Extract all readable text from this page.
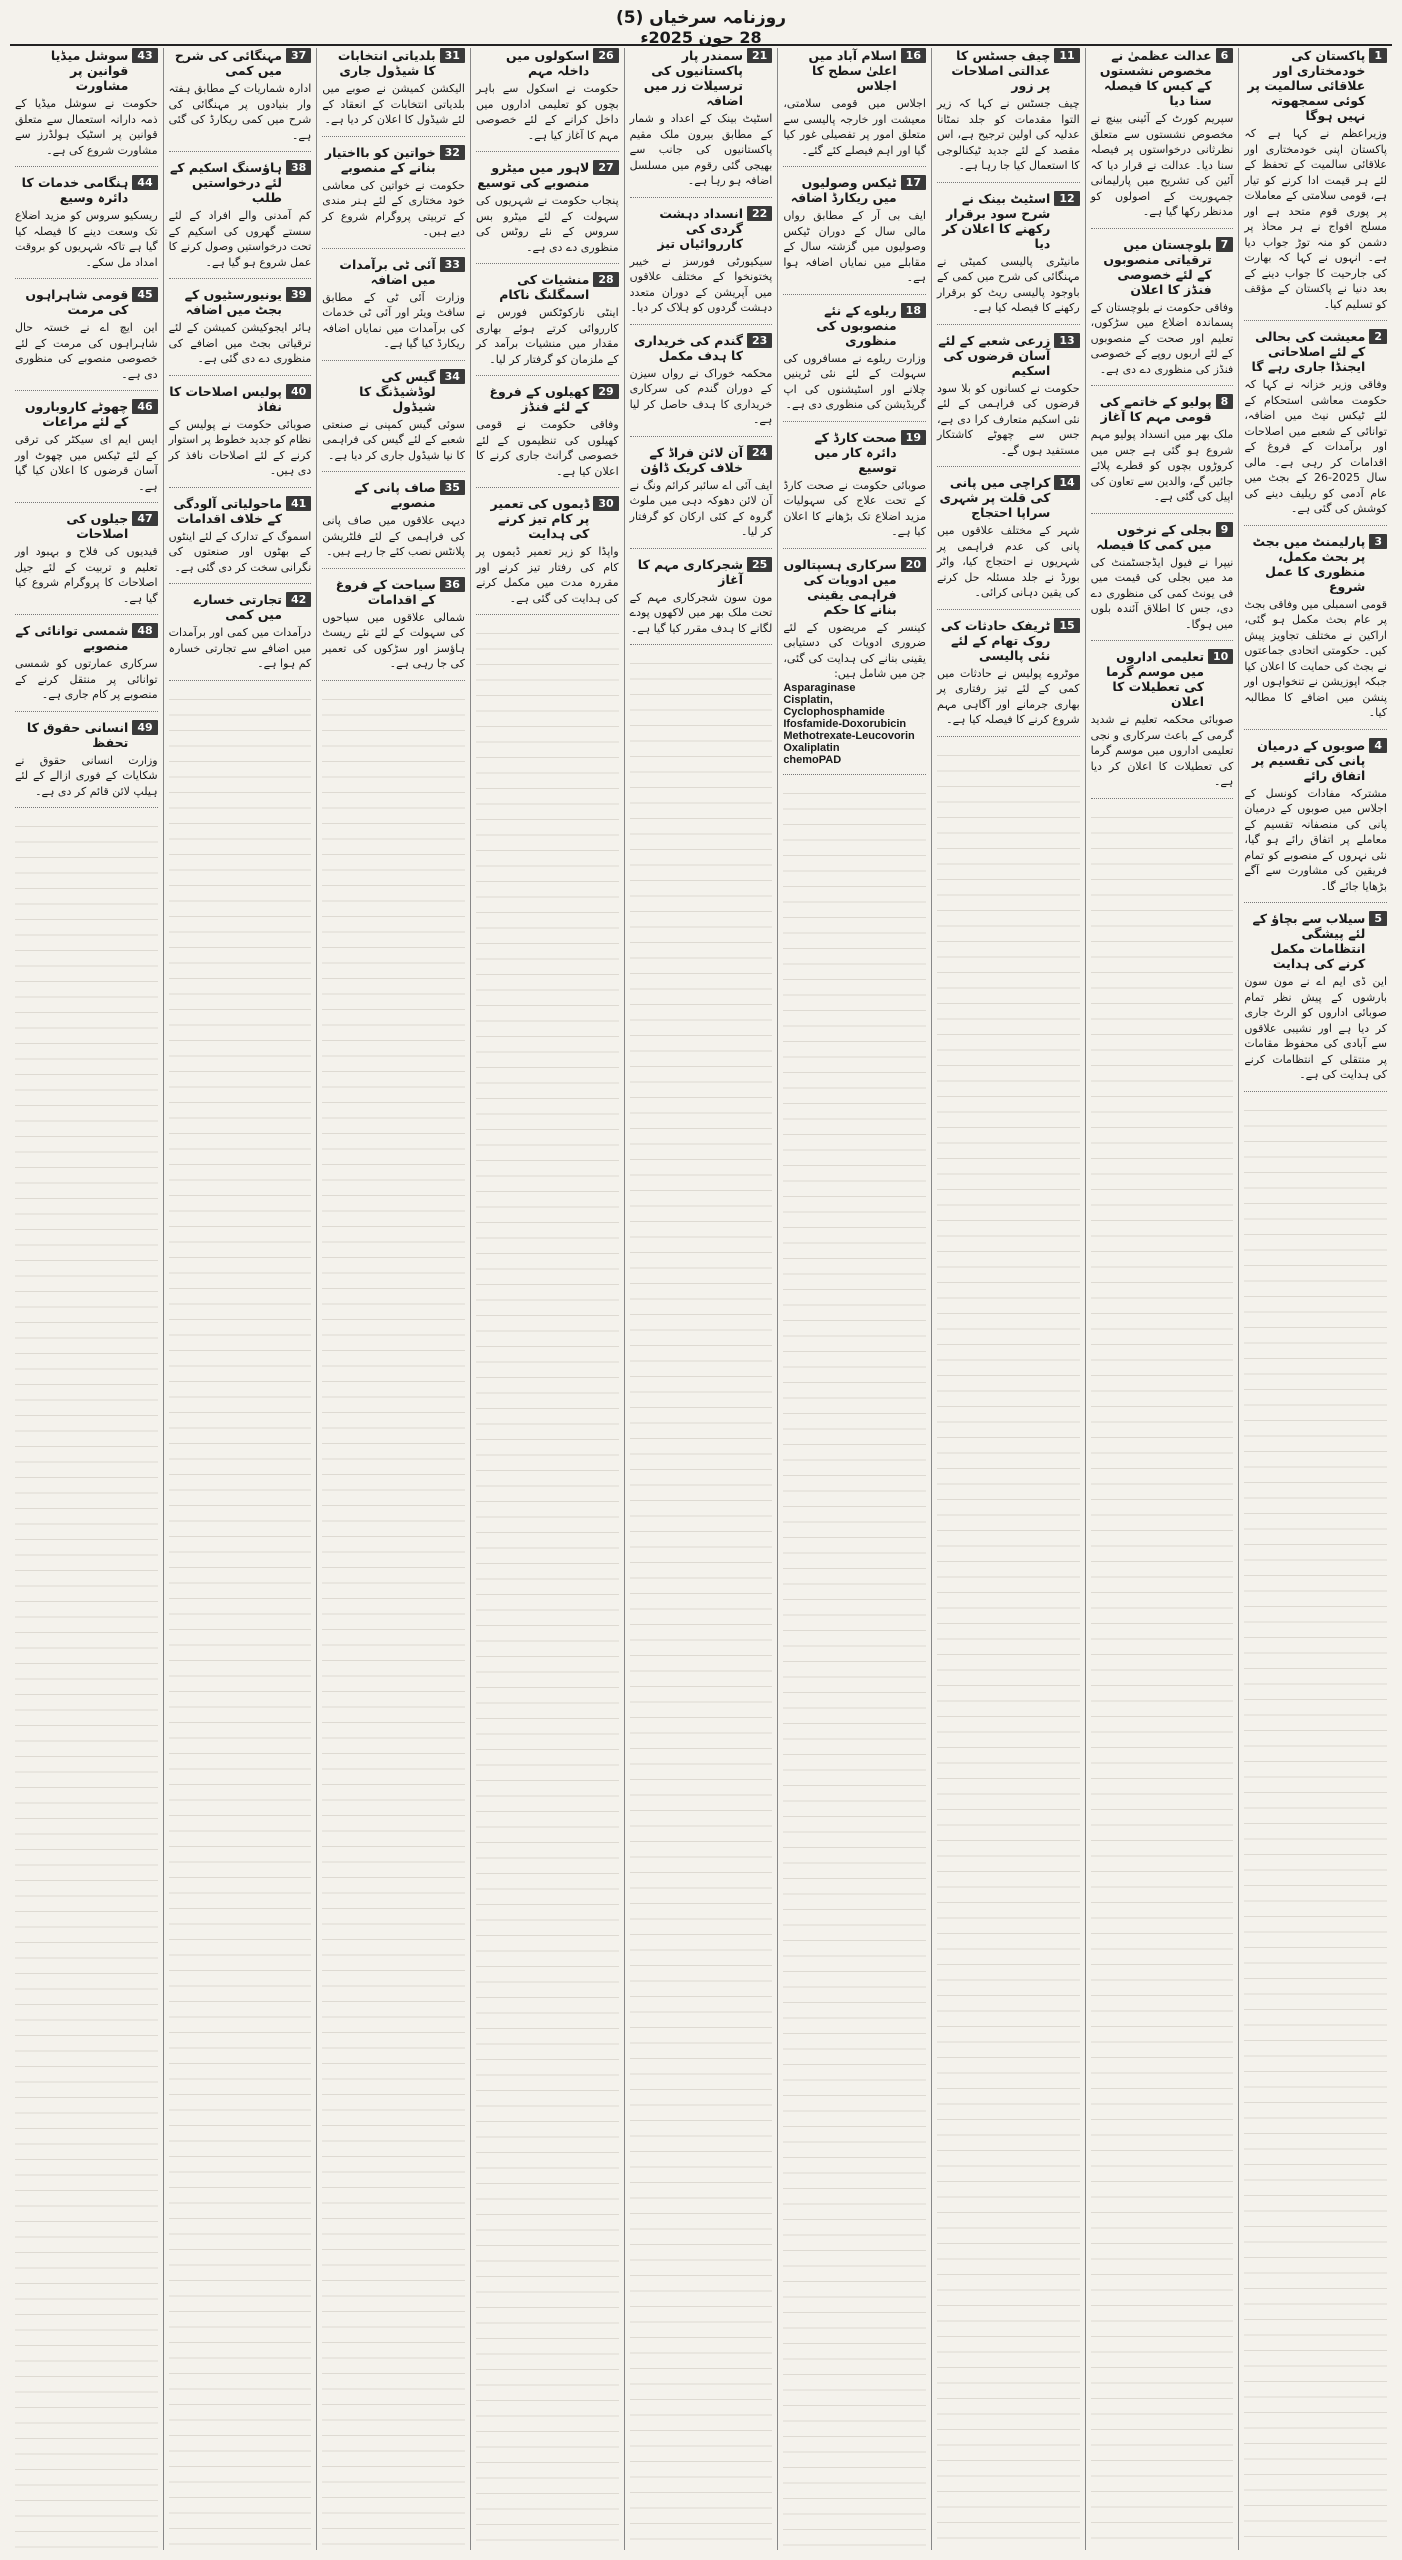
روزنامہ سرخیاں (5)
28 جون 2025ء
1
پاکستان کی خودمختاری اور علاقائی سالمیت پر کوئی سمجھوتہ نہیں ہوگا
وزیراعظم نے کہا ہے کہ پاکستان اپنی خودمختاری اور علاقائی سالمیت کے تحفظ کے لئے ہر قیمت ادا کرنے کو تیار ہے، قومی سلامتی کے معاملات پر پوری قوم متحد ہے اور مسلح افواج نے ہر محاذ پر دشمن کو منہ توڑ جواب دیا ہے۔ انہوں نے کہا کہ بھارت کی جارحیت کا جواب دینے کے بعد دنیا نے پاکستان کے مؤقف کو تسلیم کیا۔
2
معیشت کی بحالی کے لئے اصلاحاتی ایجنڈا جاری رہے گا
وفاقی وزیر خزانہ نے کہا کہ حکومت معاشی استحکام کے لئے ٹیکس نیٹ میں اضافہ، توانائی کے شعبے میں اصلاحات اور برآمدات کے فروغ کے اقدامات کر رہی ہے۔ مالی سال 2025-26 کے بجٹ میں عام آدمی کو ریلیف دینے کی کوشش کی گئی ہے۔
3
پارلیمنٹ میں بجٹ پر بحث مکمل، منظوری کا عمل شروع
قومی اسمبلی میں وفاقی بجٹ پر عام بحث مکمل ہو گئی، اراکین نے مختلف تجاویز پیش کیں۔ حکومتی اتحادی جماعتوں نے بجٹ کی حمایت کا اعلان کیا جبکہ اپوزیشن نے تنخواہوں اور پنشن میں اضافے کا مطالبہ کیا۔
4
صوبوں کے درمیان پانی کی تقسیم پر اتفاق رائے
مشترکہ مفادات کونسل کے اجلاس میں صوبوں کے درمیان پانی کی منصفانہ تقسیم کے معاملے پر اتفاق رائے ہو گیا، نئی نہروں کے منصوبے کو تمام فریقین کی مشاورت سے آگے بڑھایا جائے گا۔
5
سیلاب سے بچاؤ کے لئے پیشگی انتظامات مکمل کرنے کی ہدایت
این ڈی ایم اے نے مون سون بارشوں کے پیش نظر تمام صوبائی اداروں کو الرٹ جاری کر دیا ہے اور نشیبی علاقوں سے آبادی کی محفوظ مقامات پر منتقلی کے انتظامات کرنے کی ہدایت کی ہے۔
6
عدالت عظمیٰ نے مخصوص نشستوں کے کیس کا فیصلہ سنا دیا
سپریم کورٹ کے آئینی بینچ نے مخصوص نشستوں سے متعلق نظرثانی درخواستوں پر فیصلہ سنا دیا۔ عدالت نے قرار دیا کہ آئین کی تشریح میں پارلیمانی جمہوریت کے اصولوں کو مدنظر رکھا گیا ہے۔
7
بلوچستان میں ترقیاتی منصوبوں کے لئے خصوصی فنڈز کا اعلان
وفاقی حکومت نے بلوچستان کے پسماندہ اضلاع میں سڑکوں، تعلیم اور صحت کے منصوبوں کے لئے اربوں روپے کے خصوصی فنڈز کی منظوری دے دی ہے۔
8
پولیو کے خاتمے کی قومی مہم کا آغاز
ملک بھر میں انسداد پولیو مہم شروع ہو گئی ہے جس میں کروڑوں بچوں کو قطرے پلائے جائیں گے، والدین سے تعاون کی اپیل کی گئی ہے۔
9
بجلی کے نرخوں میں کمی کا فیصلہ
نیپرا نے فیول ایڈجسٹمنٹ کی مد میں بجلی کی قیمت میں فی یونٹ کمی کی منظوری دے دی، جس کا اطلاق آئندہ بلوں میں ہوگا۔
10
تعلیمی اداروں میں موسم گرما کی تعطیلات کا اعلان
صوبائی محکمہ تعلیم نے شدید گرمی کے باعث سرکاری و نجی تعلیمی اداروں میں موسم گرما کی تعطیلات کا اعلان کر دیا ہے۔
11
چیف جسٹس کا عدالتی اصلاحات پر زور
چیف جسٹس نے کہا کہ زیر التوا مقدمات کو جلد نمٹانا عدلیہ کی اولین ترجیح ہے، اس مقصد کے لئے جدید ٹیکنالوجی کا استعمال کیا جا رہا ہے۔
12
اسٹیٹ بینک نے شرح سود برقرار رکھنے کا اعلان کر دیا
مانیٹری پالیسی کمیٹی نے مہنگائی کی شرح میں کمی کے باوجود پالیسی ریٹ کو برقرار رکھنے کا فیصلہ کیا ہے۔
13
زرعی شعبے کے لئے آسان قرضوں کی اسکیم
حکومت نے کسانوں کو بلا سود قرضوں کی فراہمی کے لئے نئی اسکیم متعارف کرا دی ہے، جس سے چھوٹے کاشتکار مستفید ہوں گے۔
14
کراچی میں پانی کی قلت پر شہری سراپا احتجاج
شہر کے مختلف علاقوں میں پانی کی عدم فراہمی پر شہریوں نے احتجاج کیا، واٹر بورڈ نے جلد مسئلہ حل کرنے کی یقین دہانی کرائی۔
15
ٹریفک حادثات کی روک تھام کے لئے نئی پالیسی
موٹروے پولیس نے حادثات میں کمی کے لئے تیز رفتاری پر بھاری جرمانے اور آگاہی مہم شروع کرنے کا فیصلہ کیا ہے۔
16
اسلام آباد میں اعلیٰ سطح کا اجلاس
اجلاس میں قومی سلامتی، معیشت اور خارجہ پالیسی سے متعلق امور پر تفصیلی غور کیا گیا اور اہم فیصلے کئے گئے۔
17
ٹیکس وصولیوں میں ریکارڈ اضافہ
ایف بی آر کے مطابق رواں مالی سال کے دوران ٹیکس وصولیوں میں گزشتہ سال کے مقابلے میں نمایاں اضافہ ہوا ہے۔
18
ریلوے کے نئے منصوبوں کی منظوری
وزارت ریلوے نے مسافروں کی سہولت کے لئے نئی ٹرینیں چلانے اور اسٹیشنوں کی اپ گریڈیشن کی منظوری دی ہے۔
19
صحت کارڈ کے دائرہ کار میں توسیع
صوبائی حکومت نے صحت کارڈ کے تحت علاج کی سہولیات مزید اضلاع تک بڑھانے کا اعلان کیا ہے۔
20
سرکاری ہسپتالوں میں ادویات کی فراہمی یقینی بنانے کا حکم
کینسر کے مریضوں کے لئے ضروری ادویات کی دستیابی یقینی بنانے کی ہدایت کی گئی، جن میں شامل ہیں:
Asparaginase
Cisplatin, Cyclophosphamide
Ifosfamide-Doxorubicin
Methotrexate-Leucovorin
Oxaliplatin
chemoPAD
21
سمندر پار پاکستانیوں کی ترسیلات زر میں اضافہ
اسٹیٹ بینک کے اعداد و شمار کے مطابق بیرون ملک مقیم پاکستانیوں کی جانب سے بھیجی گئی رقوم میں مسلسل اضافہ ہو رہا ہے۔
22
انسداد دہشت گردی کی کارروائیاں تیز
سیکیورٹی فورسز نے خیبر پختونخوا کے مختلف علاقوں میں آپریشن کے دوران متعدد دہشت گردوں کو ہلاک کر دیا۔
23
گندم کی خریداری کا ہدف مکمل
محکمہ خوراک نے رواں سیزن کے دوران گندم کی سرکاری خریداری کا ہدف حاصل کر لیا ہے۔
24
آن لائن فراڈ کے خلاف کریک ڈاؤن
ایف آئی اے سائبر کرائم ونگ نے آن لائن دھوکہ دہی میں ملوث گروہ کے کئی ارکان کو گرفتار کر لیا۔
25
شجرکاری مہم کا آغاز
مون سون شجرکاری مہم کے تحت ملک بھر میں لاکھوں پودے لگانے کا ہدف مقرر کیا گیا ہے۔
26
اسکولوں میں داخلہ مہم
حکومت نے اسکول سے باہر بچوں کو تعلیمی اداروں میں داخل کرانے کے لئے خصوصی مہم کا آغاز کیا ہے۔
27
لاہور میں میٹرو منصوبے کی توسیع
پنجاب حکومت نے شہریوں کی سہولت کے لئے میٹرو بس سروس کے نئے روٹس کی منظوری دے دی ہے۔
28
منشیات کی اسمگلنگ ناکام
اینٹی نارکوٹکس فورس نے کارروائی کرتے ہوئے بھاری مقدار میں منشیات برآمد کر کے ملزمان کو گرفتار کر لیا۔
29
کھیلوں کے فروغ کے لئے فنڈز
وفاقی حکومت نے قومی کھیلوں کی تنظیموں کے لئے خصوصی گرانٹ جاری کرنے کا اعلان کیا ہے۔
30
ڈیموں کی تعمیر پر کام تیز کرنے کی ہدایت
واپڈا کو زیر تعمیر ڈیموں پر کام کی رفتار تیز کرنے اور مقررہ مدت میں مکمل کرنے کی ہدایت کی گئی ہے۔
31
بلدیاتی انتخابات کا شیڈول جاری
الیکشن کمیشن نے صوبے میں بلدیاتی انتخابات کے انعقاد کے لئے شیڈول کا اعلان کر دیا ہے۔
32
خواتین کو بااختیار بنانے کے منصوبے
حکومت نے خواتین کی معاشی خود مختاری کے لئے ہنر مندی کے تربیتی پروگرام شروع کر دیے ہیں۔
33
آئی ٹی برآمدات میں اضافہ
وزارت آئی ٹی کے مطابق سافٹ ویئر اور آئی ٹی خدمات کی برآمدات میں نمایاں اضافہ ریکارڈ کیا گیا ہے۔
34
گیس کی لوڈشیڈنگ کا شیڈول
سوئی گیس کمپنی نے صنعتی شعبے کے لئے گیس کی فراہمی کا نیا شیڈول جاری کر دیا ہے۔
35
صاف پانی کے منصوبے
دیہی علاقوں میں صاف پانی کی فراہمی کے لئے فلٹریشن پلانٹس نصب کئے جا رہے ہیں۔
36
سیاحت کے فروغ کے اقدامات
شمالی علاقوں میں سیاحوں کی سہولت کے لئے نئے ریسٹ ہاؤسز اور سڑکوں کی تعمیر کی جا رہی ہے۔
37
مہنگائی کی شرح میں کمی
ادارہ شماریات کے مطابق ہفتہ وار بنیادوں پر مہنگائی کی شرح میں کمی ریکارڈ کی گئی ہے۔
38
ہاؤسنگ اسکیم کے لئے درخواستیں طلب
کم آمدنی والے افراد کے لئے سستے گھروں کی اسکیم کے تحت درخواستیں وصول کرنے کا عمل شروع ہو گیا ہے۔
39
یونیورسٹیوں کے بجٹ میں اضافہ
ہائر ایجوکیشن کمیشن کے لئے ترقیاتی بجٹ میں اضافے کی منظوری دے دی گئی ہے۔
40
پولیس اصلاحات کا نفاذ
صوبائی حکومت نے پولیس کے نظام کو جدید خطوط پر استوار کرنے کے لئے اصلاحات نافذ کر دی ہیں۔
41
ماحولیاتی آلودگی کے خلاف اقدامات
اسموگ کے تدارک کے لئے اینٹوں کے بھٹوں اور صنعتوں کی نگرانی سخت کر دی گئی ہے۔
42
تجارتی خسارے میں کمی
درآمدات میں کمی اور برآمدات میں اضافے سے تجارتی خسارہ کم ہوا ہے۔
43
سوشل میڈیا قوانین پر مشاورت
حکومت نے سوشل میڈیا کے ذمہ دارانہ استعمال سے متعلق قوانین پر اسٹیک ہولڈرز سے مشاورت شروع کی ہے۔
44
ہنگامی خدمات کا دائرہ وسیع
ریسکیو سروس کو مزید اضلاع تک وسعت دینے کا فیصلہ کیا گیا ہے تاکہ شہریوں کو بروقت امداد مل سکے۔
45
قومی شاہراہوں کی مرمت
این ایچ اے نے خستہ حال شاہراہوں کی مرمت کے لئے خصوصی منصوبے کی منظوری دی ہے۔
46
چھوٹے کاروباروں کے لئے مراعات
ایس ایم ای سیکٹر کی ترقی کے لئے ٹیکس میں چھوٹ اور آسان قرضوں کا اعلان کیا گیا ہے۔
47
جیلوں کی اصلاحات
قیدیوں کی فلاح و بہبود اور تعلیم و تربیت کے لئے جیل اصلاحات کا پروگرام شروع کیا گیا ہے۔
48
شمسی توانائی کے منصوبے
سرکاری عمارتوں کو شمسی توانائی پر منتقل کرنے کے منصوبے پر کام جاری ہے۔
49
انسانی حقوق کا تحفظ
وزارت انسانی حقوق نے شکایات کے فوری ازالے کے لئے ہیلپ لائن قائم کر دی ہے۔
